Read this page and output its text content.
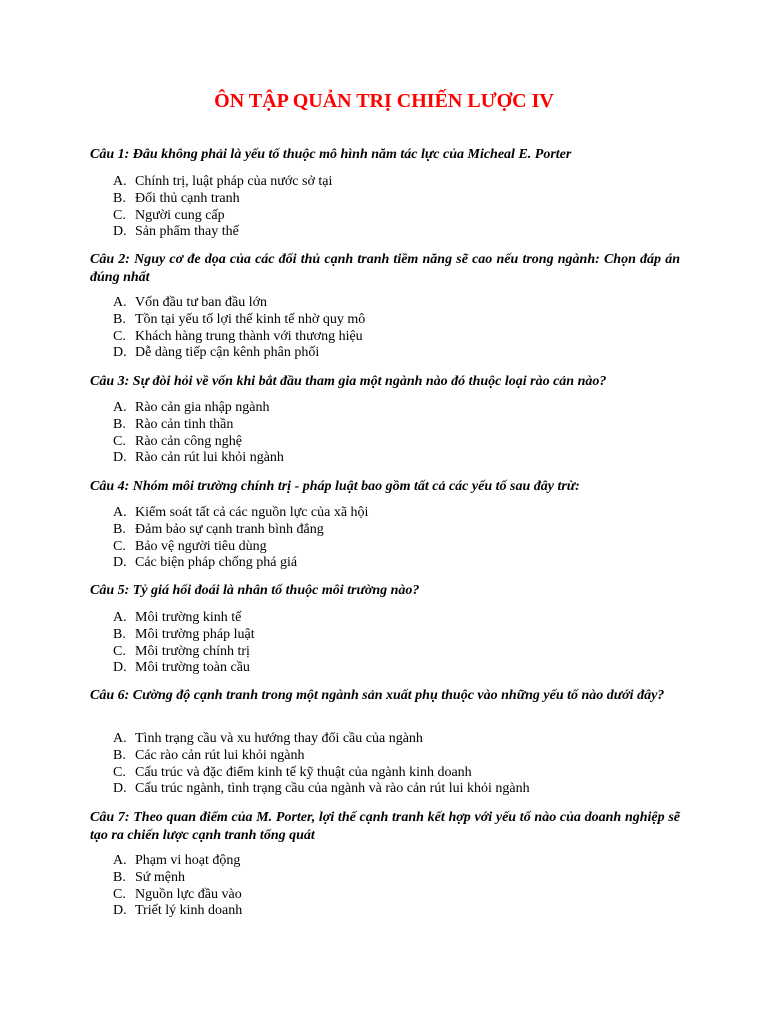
ÔN TẬP QUẢN TRỊ CHIẾN LƯỢC IV
Câu 1: Đâu không phải là yếu tố thuộc mô hình năm tác lực của Micheal E. Porter
A. Chính trị, luật pháp của nước sở tại
B. Đối thủ cạnh tranh
C. Người cung cấp
D. Sản phẩm thay thế
Câu 2: Nguy cơ đe dọa của các đối thủ cạnh tranh tiềm năng sẽ cao nếu trong ngành: Chọn đáp án đúng nhất
A. Vốn đầu tư ban đầu lớn
B. Tồn tại yếu tố lợi thế kinh tế nhờ quy mô
C. Khách hàng trung thành với thương hiệu
D. Dễ dàng tiếp cận kênh phân phối
Câu 3: Sự đòi hỏi về vốn khi bắt đầu tham gia một ngành nào đó thuộc loại rào cản nào?
A. Rào cản gia nhập ngành
B. Rào cản tinh thần
C. Rào cản công nghệ
D. Rào cản rút lui khỏi ngành
Câu 4: Nhóm môi trường chính trị - pháp luật bao gồm tất cả các yếu tố sau đây trừ:
A. Kiểm soát tất cả các nguồn lực của xã hội
B. Đảm bảo sự cạnh tranh bình đẳng
C. Bảo vệ người tiêu dùng
D. Các biện pháp chống phá giá
Câu 5: Tỷ giá hối đoái là nhân tố thuộc môi trường nào?
A. Môi trường kinh tế
B. Môi trường pháp luật
C. Môi trường chính trị
D. Môi trường toàn cầu
Câu 6: Cường độ cạnh tranh trong một ngành sản xuất phụ thuộc vào những yếu tố nào dưới đây?
A. Tình trạng cầu và xu hướng thay đổi cầu của ngành
B. Các rào cản rút lui khỏi ngành
C. Cấu trúc và đặc điểm kinh tế kỹ thuật của ngành kinh doanh
D. Cấu trúc ngành, tình trạng cầu của ngành và rào cản rút lui khỏi ngành
Câu 7: Theo quan điểm của M. Porter, lợi thế cạnh tranh kết hợp với yếu tố nào của doanh nghiệp sẽ tạo ra chiến lược cạnh tranh tổng quát
A. Phạm vi hoạt động
B. Sứ mệnh
C. Nguồn lực đầu vào
D. Triết lý kinh doanh
